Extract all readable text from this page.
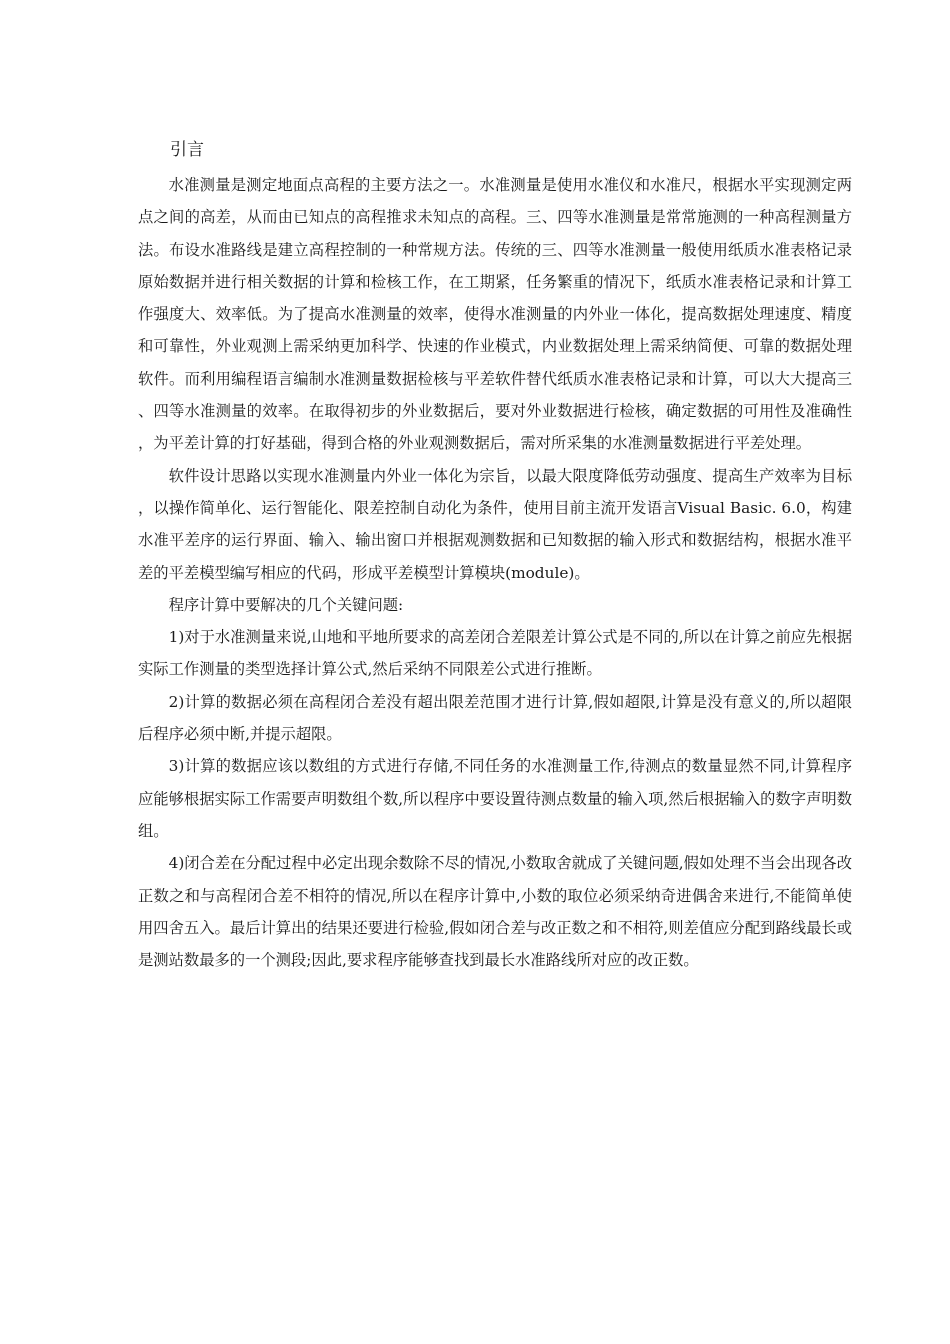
引言

水准测量是测定地面点高程的主要方法之一。水准测量是使用水准仪和水准尺，根据水平实现测定两点之间的高差，从而由已知点的高程推求未知点的高程。三、四等水准测量是常常施测的一种高程测量方法。布设水准路线是建立高程控制的一种常规方法。传统的三、四等水准测量一般使用纸质水准表格记录原始数据并进行相关数据的计算和检核工作，在工期紧，任务繁重的情况下，纸质水准表格记录和计算工作强度大、效率低。为了提高水准测量的效率，使得水准测量的内外业一体化，提高数据处理速度、精度和可靠性，外业观测上需采纳更加科学、快速的作业模式，内业数据处理上需采纳简便、可靠的数据处理软件。而利用编程语言编制水准测量数据检核与平差软件替代纸质水准表格记录和计算，可以大大提高三、四等水准测量的效率。在取得初步的外业数据后，要对外业数据进行检核，确定数据的可用性及准确性，为平差计算的打好基础，得到合格的外业观测数据后，需对所采集的水准测量数据进行平差处理。

软件设计思路以实现水准测量内外业一体化为宗旨，以最大限度降低劳动强度、提高生产效率为目标，以操作简单化、运行智能化、限差控制自动化为条件，使用目前主流开发语言Visual Basic. 6.0，构建水准平差序的运行界面、输入、输出窗口并根据观测数据和已知数据的输入形式和数据结构，根据水准平差的平差模型编写相应的代码，形成平差模型计算模块(module)。

程序计算中要解决的几个关键问题:

1)对于水准测量来说,山地和平地所要求的高差闭合差限差计算公式是不同的,所以在计算之前应先根据实际工作测量的类型选择计算公式,然后采纳不同限差公式进行推断。

2)计算的数据必须在高程闭合差没有超出限差范围才进行计算,假如超限,计算是没有意义的,所以超限后程序必须中断,并提示超限。

3)计算的数据应该以数组的方式进行存储,不同任务的水准测量工作,待测点的数量显然不同,计算程序应能够根据实际工作需要声明数组个数,所以程序中要设置待测点数量的输入项,然后根据输入的数字声明数组。

4)闭合差在分配过程中必定出现余数除不尽的情况,小数取舍就成了关键问题,假如处理不当会出现各改正数之和与高程闭合差不相符的情况,所以在程序计算中,小数的取位必须采纳奇进偶舍来进行,不能简单使用四舍五入。最后计算出的结果还要进行检验,假如闭合差与改正数之和不相符,则差值应分配到路线最长或是测站数最多的一个测段;因此,要求程序能够查找到最长水准路线所对应的改正数。
